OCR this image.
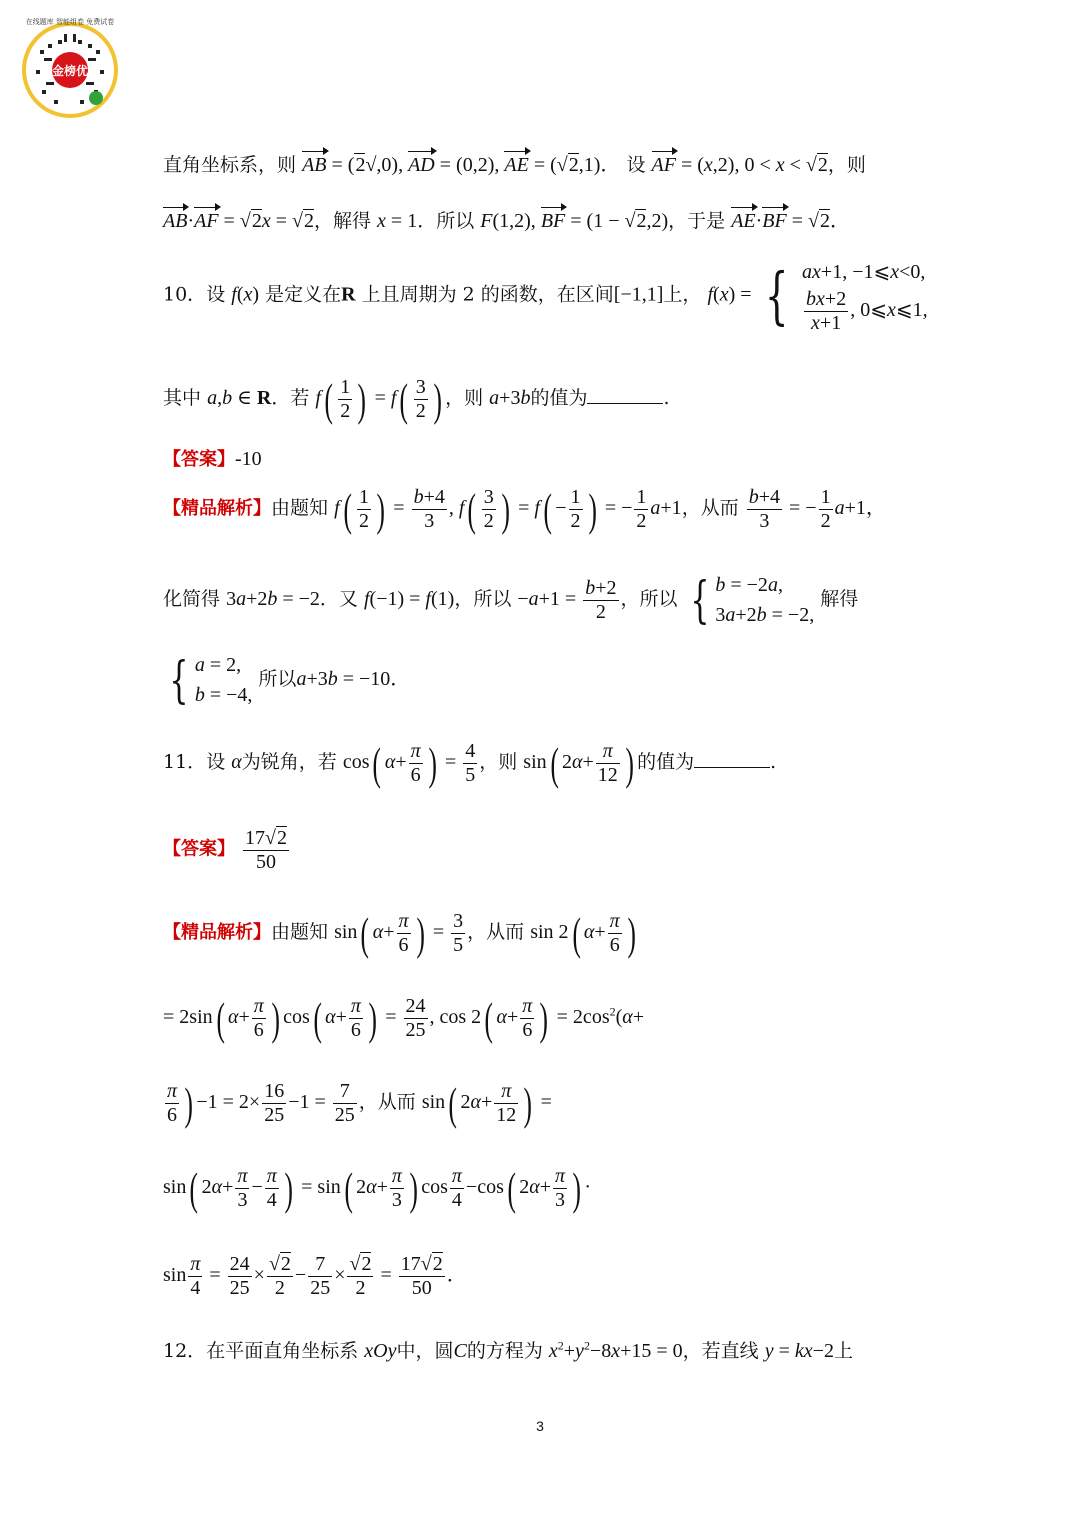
金榜优
在线题库 智能组卷 免费试卷
直角坐标系，则 AB = (2√,0), AD = (0,2), AE = (√2,1)． 设 AF = (x,2), 0 < x < √2，则
AB·AF = √2x = √2，解得 x = 1．所以 F(1,2), BF = (1 − √2,2)，于是 AE·BF = √2．
10．设 f(x) 是定义在R 上且周期为 2 的函数，在区间[−1,1]上， f(x) = { ax+1, −1⩽x<0,
$\frac{bx+2}{x+1}$ , 0⩽x⩽1,
其中 a,b ∈ R．若 $f( \frac{1}{2}$ ) = $f( \frac{3}{2}$ ) ，则 a+3b的值为	.
【答案】-10
【精品解析】由题知 $f( \frac{1}{2}$ ) = $\frac{b+4}{3}$ , $f( \frac{3}{2}$ ) = $f( - \frac{1}{2}$ ) = − $\frac{1}{2} a+1$，从而 $\frac{b+4}{3}$ = − $\frac{1}{2} a+1$，
化简得 3a+2b = −2．又 f(−1) = f(1)，所以 $-a+1 = \frac{b+2}{2}$ ，所以 { b = −2a,
3a+2b = −2,
解得
{ a = 2,
b = −4,
所以a+3b = −10．
11．设 α为锐角，若 cos( $\alpha+ \frac{\pi}{6}$ ) = $\frac{4}{5}$ ，则 sin( $2\alpha+ \frac{\pi}{12}$ ) 的值为	.
【答案】 $\frac{17√2}{50}$
【精品解析】由题知 sin( $\alpha+ \frac{\pi}{6}$ ) = $\frac{3}{5}$ ，从而 sin 2( $\alpha+ \frac{\pi}{6}$ )
= 2sin( $\alpha+ \frac{\pi}{6}$ ) cos( $\alpha+ \frac{\pi}{6}$ ) = $\frac{24}{25}$ , cos 2( $\alpha+ \frac{\pi}{6}$ ) = $2\cos^2(\alpha+$
$\frac{\pi}{6}$ ) $-1 = 2\times \frac{16}{25} -1 = \frac{7}{25}$ ，从而 sin( $2\alpha+ \frac{\pi}{12}$ ) =
sin( $2\alpha+ \frac{\pi}{3} - \frac{\pi}{4}$ ) = sin( $2\alpha+ \frac{\pi}{3}$ ) $\cos \frac{\pi}{4} -\cos$( $2\alpha+ \frac{\pi}{3}$ ) ·
$\sin \frac{\pi}{4} = \frac{24}{25} \times \frac{√2}{2} - \frac{7}{25} \times \frac{√2}{2} = \frac{17√2}{50}$ ．
12．在平面直角坐标系 xOy中，圆C的方程为 $x^2+y^2-8x+15 = 0$，若直线 y = kx−2上
3
